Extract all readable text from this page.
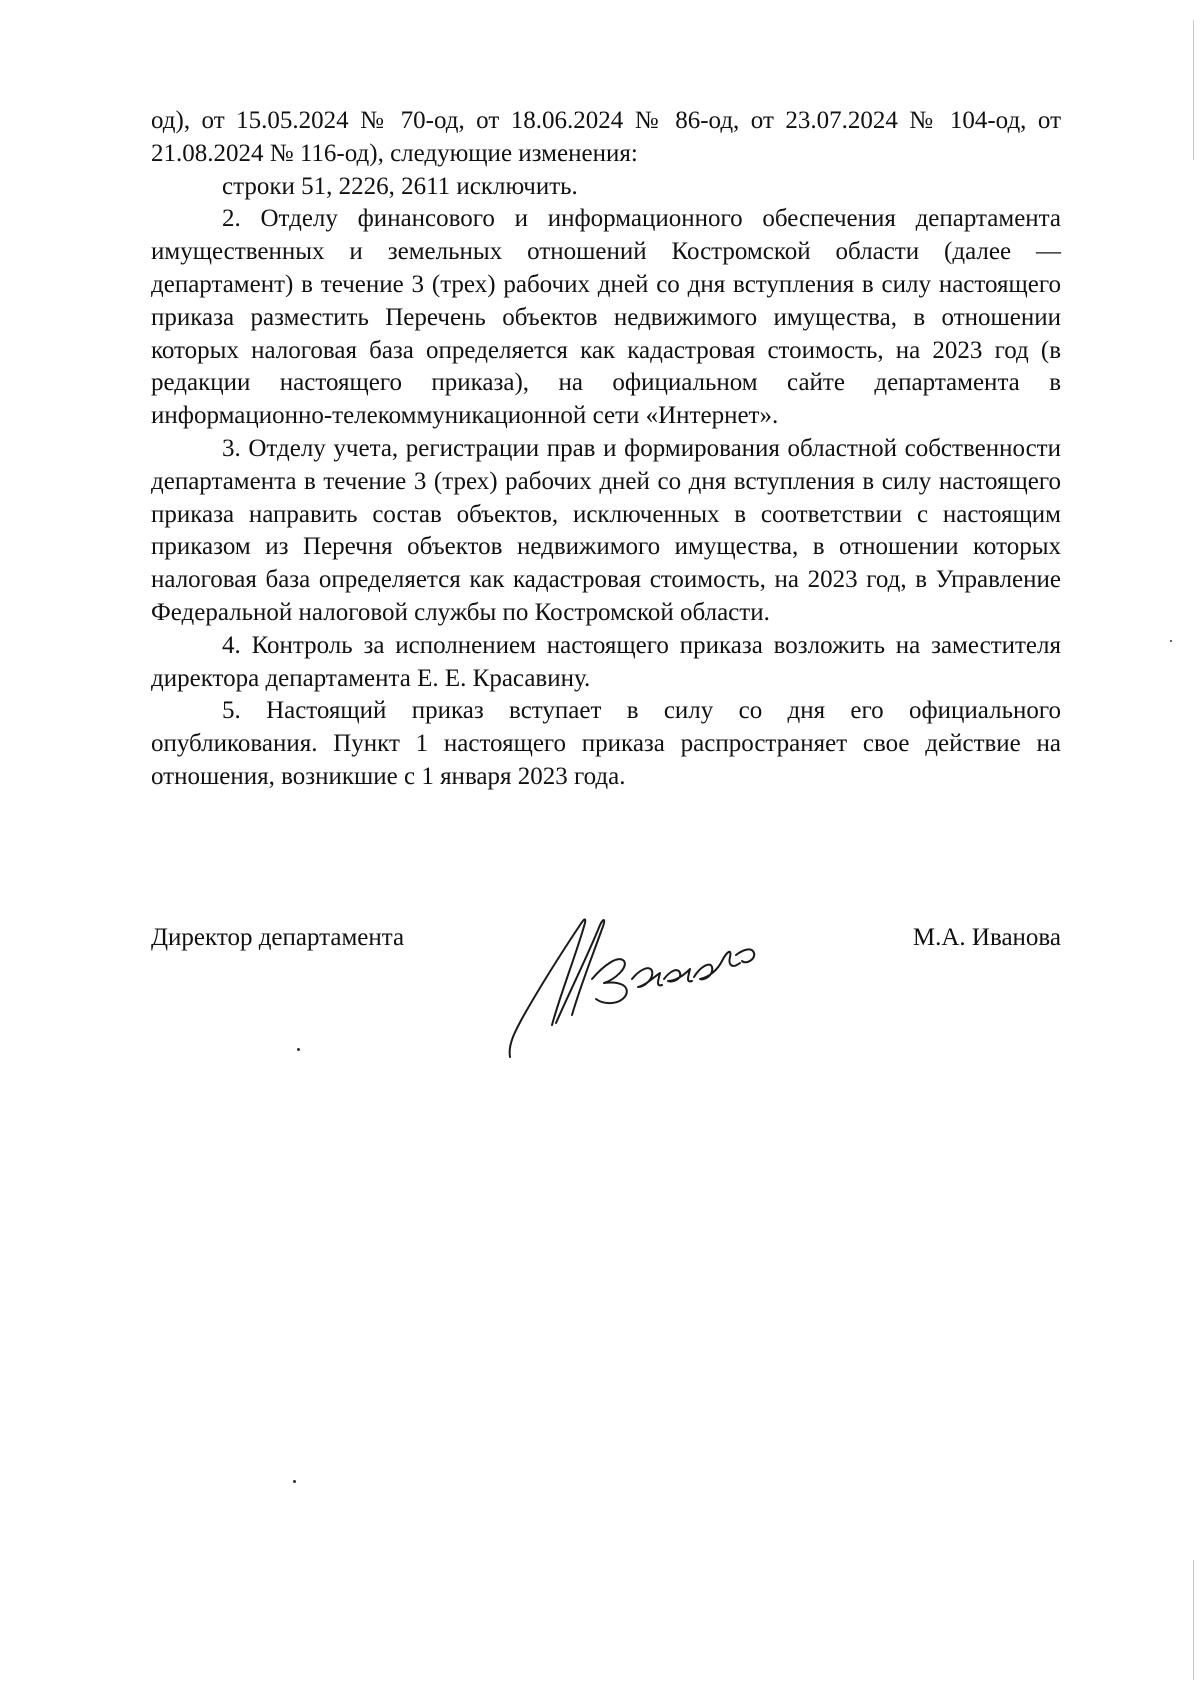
од), от 15.05.2024 № 70-од, от 18.06.2024 № 86-од, от 23.07.2024 № 104-од, от 21.08.2024 № 116-од), следующие изменения:

строки 51, 2226, 2611 исключить.

2. Отделу финансового и информационного обеспечения департамента имущественных и земельных отношений Костромской области (далее — департамент) в течение 3 (трех) рабочих дней со дня вступления в силу настоящего приказа разместить Перечень объектов недвижимого имущества, в отношении которых налоговая база определяется как кадастровая стоимость, на 2023 год (в редакции настоящего приказа), на официальном сайте департамента в информационно-телекоммуникационной сети «Интернет».

3. Отделу учета, регистрации прав и формирования областной собственности департамента в течение 3 (трех) рабочих дней со дня вступления в силу настоящего приказа направить состав объектов, исключенных в соответствии с настоящим приказом из Перечня объектов недвижимого имущества, в отношении которых налоговая база определяется как кадастровая стоимость, на 2023 год, в Управление Федеральной налоговой службы по Костромской области.

4. Контроль за исполнением настоящего приказа возложить на заместителя директора департамента Е. Е. Красавину.

5. Настоящий приказ вступает в силу со дня его официального опубликования. Пункт 1 настоящего приказа распространяет свое действие на отношения, возникшие с 1 января 2023 года.

Директор департамента	М.А. Иванова
